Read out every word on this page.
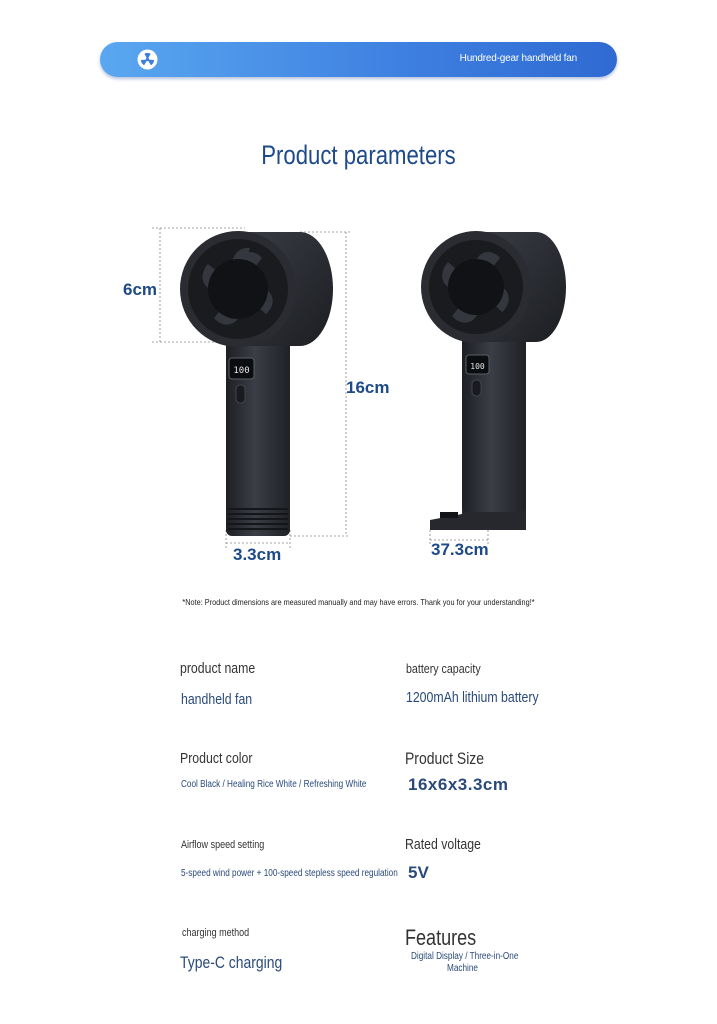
Hundred-gear handheld fan
Product parameters
100	100
6cm
16cm
3.3cm	37.3cm
*Note: Product dimensions are measured manually and may have errors. Thank you for your understanding!*
product name
handheld fan
battery capacity
1200mAh lithium battery
Product color
Cool Black / Healing Rice White / Refreshing White
Product Size
16x6x3.3cm
Airflow speed setting
5-speed wind power + 100-speed stepless speed regulation
Rated voltage
5V
charging method
Type-C charging
Features
Digital Display / Three-in-One
Machine
